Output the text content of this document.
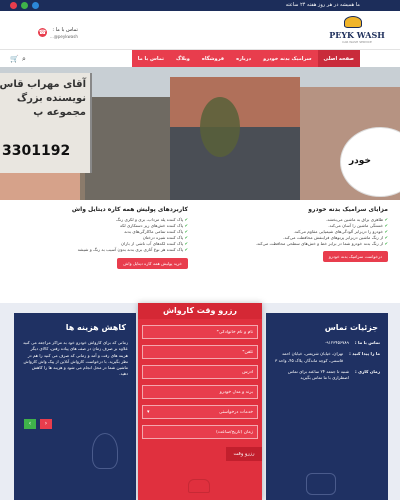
ما همیشه در هر روز هفته ۲۴ ساعته
PEYK WASH
CAR WASH SERVICE
☎	تماس با ما :
peykwash@...
صفحه اصلی
سرامیک بدنه خودرو
درباره
فروشگاه
وبلاگ
تماس با ما
⌕
🛒
آقای مهراب قاس
نویسنده بزرگ
مجموعه پ
3301192
خودر
مزایای سرامیک بدنه خودرو
✔ ظاهری براق به ماشین می‌بخشد.
✔ خستگی ماشین را آسان می‌کند.
✔ خودرو را دربرابر آلودگی‌های شیمیایی مقاوم می‌کند.
✔ از رنگ ماشین دربرابر پرتوهای فرابنفش محافظت می‌کند.
✔ از رنگ بدنه خودرو شما در برابر خط و خش‌های سطحی محافظت می‌کند.
درخواست سرامیک بدنه خودرو
کاربردهای پولیش همه کاره دیتایل واش
✔ پاک کننده پله مرداب، بری و لکری رنگ
✔ پاک کننده خش‌های ریز دستکاری لکه
✔ پاک کننده تمامی ماکارگی‌های بدنه
✔ پاک کننده شیره درختان
✔ پاک کننده لکه‌های آب ناشی از باران
✔ پاک کننده هر نوع آثاری بری بدنه بدون آسیب به رنگ و شیشه
خرید پولیش همه کاره دیتایل واش
کاهش هزینه ها

زمانی که برای کارواش خودرو خود به مراکز مراجعه می کنید علاوه بر صرف زمان در صف های پیاده رفتن، کالای دیگر هزینه های رفت و آمد و زمانی که صرف می کنید را هم در نظر بگیرید. با درخواست کارواش آنلاین از پیک واش کارواش ماشین شما در محل انجام می شود و هزینه ها را کاهش دهید.

‹	›
جزئیات تماس
تماس با ما :
۰۹۱۲۳۴۵۶۷۸۹
ما را پیدا کنید :
تهران، خیابان شریعتی، خیابان احمد قاسمی، کوچه ماندگار، پلاک ۴۵، واحد ۳
زمان کاری :
شنبه تا جمعه ۲۴ ساعته برای تماس اضطراری با ما تماس بگیرید
رزرو وقت کارواش
نام و نام خانوادگی*
تلفن*
آدرس
برند و مدل خودرو
خدمات درخواستی
▾
زمان (تاریخ/ساعت)
رزرو وقت
